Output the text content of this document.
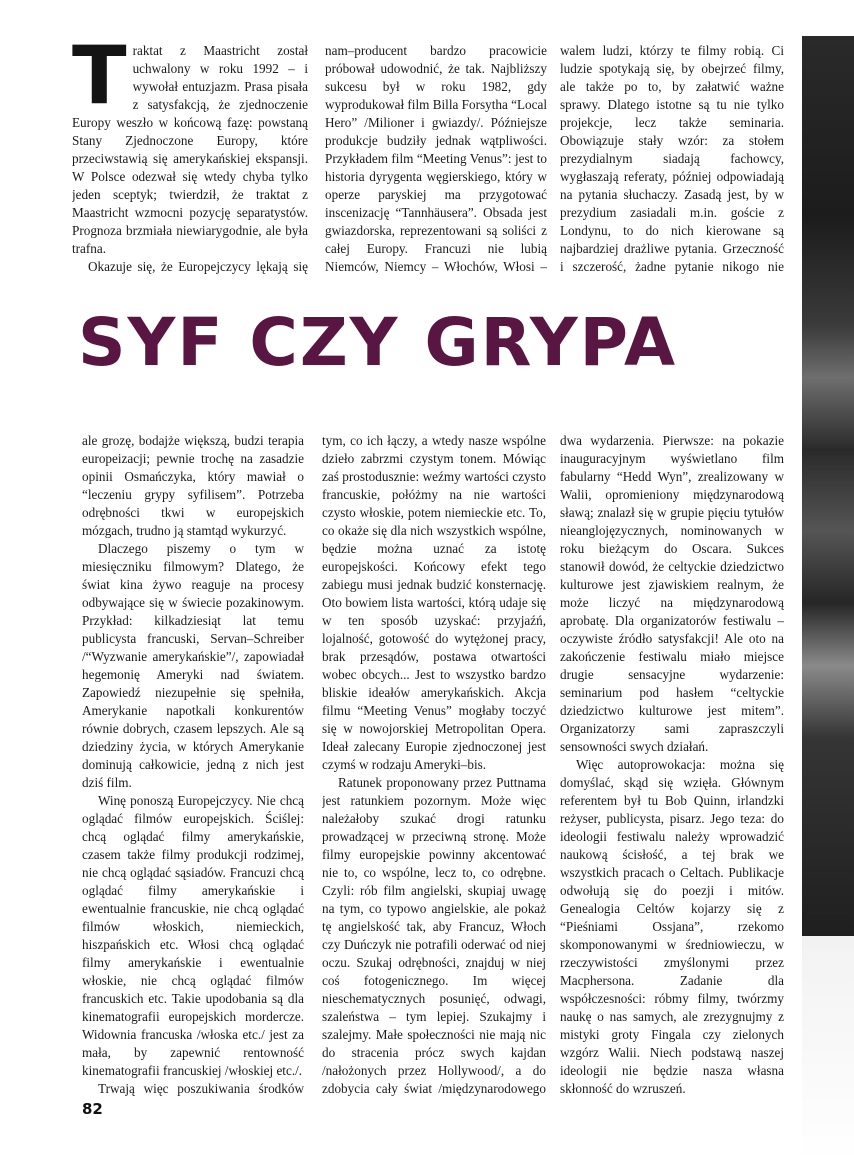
Traktat z Maastricht został uchwalony w roku 1992 – i wywołał entuzjazm. Prasa pisała z satysfakcją, że zjednoczenie Europy weszło w końcową fazę: powstaną Stany Zjednoczone Europy, które przeciwstawią się amerykańskiej ekspansji. W Polsce odezwał się wtedy chyba tylko jeden sceptyk; twierdził, że traktat z Maastricht wzmocni pozycję separatystów. Prognoza brzmiała niewiarygodnie, ale była trafna.

Okazuje się, że Europejczycy lękają się

nam–producent bardzo pracowicie próbował udowodnić, że tak. Najbliższy sukcesu był w roku 1982, gdy wyprodukował film Billa Forsytha “Local Hero” /Milioner i gwiazdy/. Późniejsze produkcje budziły jednak wątpliwości. Przykładem film “Meeting Venus”: jest to historia dyrygenta węgierskiego, który w operze paryskiej ma przygotować inscenizację “Tannhäusera”. Obsada jest gwiazdorska, reprezentowani są soliści z całej Europy. Francuzi nie lubią Niemców, Niemcy – Włochów, Włosi –

walem ludzi, którzy te filmy robią. Ci ludzie spotykają się, by obejrzeć filmy, ale także po to, by załatwić ważne sprawy. Dlatego istotne są tu nie tylko projekcje, lecz także seminaria. Obowiązuje stały wzór: za stołem prezydialnym siadają fachowcy, wygłaszają referaty, później odpowiadają na pytania słuchaczy. Zasadą jest, by w prezydium zasiadali m.in. goście z Londynu, to do nich kierowane są najbardziej drażliwe pytania. Grzeczność i szczerość, żadne pytanie nikogo nie

SYF CZY GRYPA

ale grozę, bodajże większą, budzi terapia europeizacji; pewnie trochę na zasadzie opinii Osmańczyka, który mawiał o “leczeniu grypy syfilisem”. Potrzeba odrębności tkwi w europejskich mózgach, trudno ją stamtąd wykurzyć.

Dlaczego piszemy o tym w miesięczniku filmowym? Dlatego, że świat kina żywo reaguje na procesy odbywające się w świecie pozakinowym. Przykład: kilkadziesiąt lat temu publicysta francuski, Servan–Schreiber /“Wyzwanie amerykańskie”/, zapowiadał hegemonię Ameryki nad światem. Zapowiedź niezupełnie się spełniła, Amerykanie napotkali konkurentów równie dobrych, czasem lepszych. Ale są dziedziny życia, w których Amerykanie dominują całkowicie, jedną z nich jest dziś film.

Winę ponoszą Europejczycy. Nie chcą oglądać filmów europejskich. Ściślej: chcą oglądać filmy amerykańskie, czasem także filmy produkcji rodzimej, nie chcą oglądać sąsiadów. Francuzi chcą oglądać filmy amerykańskie i ewentualnie francuskie, nie chcą oglądać filmów włoskich, niemieckich, hiszpańskich etc. Włosi chcą oglądać filmy amerykańskie i ewentualnie włoskie, nie chcą oglądać filmów francuskich etc. Takie upodobania są dla kinematografii europejskich mordercze. Widownia francuska /włoska etc./ jest za mała, by zapewnić rentowność kinematografii francuskiej /włoskiej etc./.

Trwają więc poszukiwania środków

tym, co ich łączy, a wtedy nasze wspólne dzieło zabrzmi czystym tonem. Mówiąc zaś prostodusznie: weźmy wartości czysto francuskie, połóżmy na nie wartości czysto włoskie, potem niemieckie etc. To, co okaże się dla nich wszystkich wspólne, będzie można uznać za istotę europejskości. Końcowy efekt tego zabiegu musi jednak budzić konsternację. Oto bowiem lista wartości, którą udaje się w ten sposób uzyskać: przyjaźń, lojalność, gotowość do wytężonej pracy, brak przesądów, postawa otwartości wobec obcych... Jest to wszystko bardzo bliskie ideałów amerykańskich. Akcja filmu “Meeting Venus” mogłaby toczyć się w nowojorskiej Metropolitan Opera. Ideał zalecany Europie zjednoczonej jest czymś w rodzaju Ameryki–bis.

Ratunek proponowany przez Puttnama jest ratunkiem pozornym. Może więc należałoby szukać drogi ratunku prowadzącej w przeciwną stronę. Może filmy europejskie powinny akcentować nie to, co wspólne, lecz to, co odrębne. Czyli: rób film angielski, skupiaj uwagę na tym, co typowo angielskie, ale pokaż tę angielskość tak, aby Francuz, Włoch czy Duńczyk nie potrafili oderwać od niej oczu. Szukaj odrębności, znajduj w niej coś fotogenicznego. Im więcej nieschematycznych posunięć, odwagi, szaleństwa – tym lepiej. Szukajmy i szalejmy. Małe społeczności nie mają nic do stracenia prócz swych kajdan /nałożonych przez Hollywood/, a do zdobycia cały świat /międzynarodowego

dwa wydarzenia. Pierwsze: na pokazie inauguracyjnym wyświetlano film fabularny “Hedd Wyn”, zrealizowany w Walii, opromieniony międzynarodową sławą; znalazł się w grupie pięciu tytułów nieanglojęzycznych, nominowanych w roku bieżącym do Oscara. Sukces stanowił dowód, że celtyckie dziedzictwo kulturowe jest zjawiskiem realnym, że może liczyć na międzynarodową aprobatę. Dla organizatorów festiwalu – oczywiste źródło satysfakcji! Ale oto na zakończenie festiwalu miało miejsce drugie sensacyjne wydarzenie: seminarium pod hasłem “celtyckie dziedzictwo kulturowe jest mitem”. Organizatorzy sami zapraszczyli sensowności swych działań.

Więc autoprowokacja: można się domyślać, skąd się wzięła. Głównym referentem był tu Bob Quinn, irlandzki reżyser, publicysta, pisarz. Jego teza: do ideologii festiwalu należy wprowadzić naukową ścisłość, a tej brak we wszystkich pracach o Celtach. Publikacje odwołują się do poezji i mitów. Genealogia Celtów kojarzy się z “Pieśniami Ossjana”, rzekomo skomponowanymi w średniowieczu, w rzeczywistości zmyślonymi przez Macphersona. Zadanie dla współczesności: róbmy filmy, twórzmy naukę o nas samych, ale zrezygnujmy z mistyki groty Fingala czy zielonych wzgórz Walii. Niech podstawą naszej ideologii nie będzie nasza własna skłonność do wzruszeń.

82
